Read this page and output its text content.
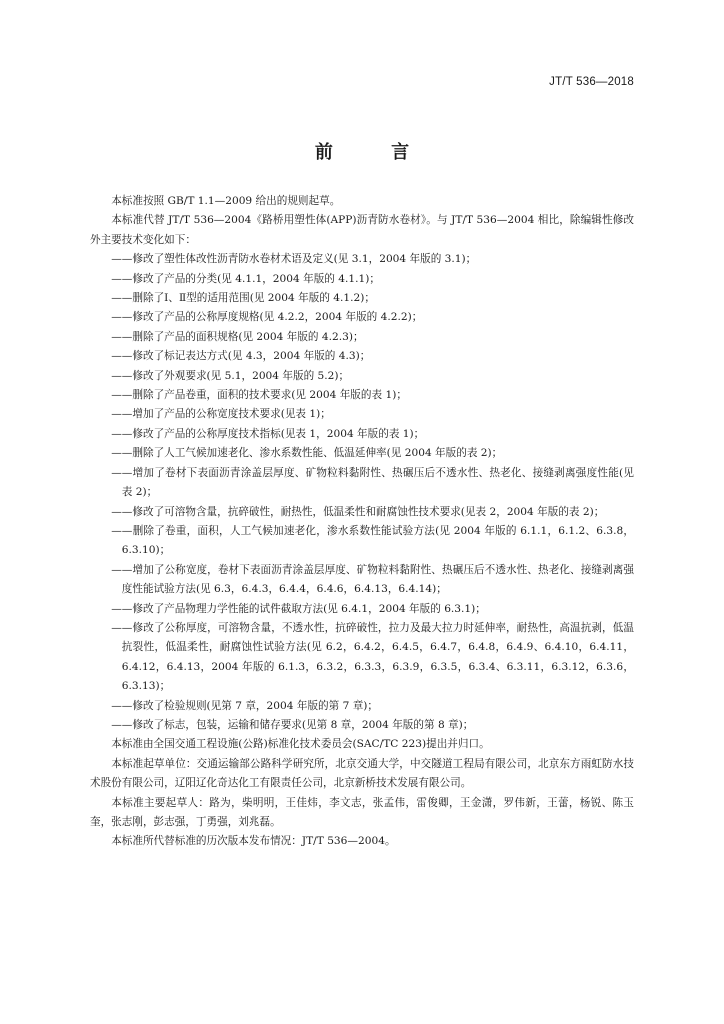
JT/T 536—2018
前 言

本标准按照 GB/T 1.1—2009 给出的规则起草。

本标准代替 JT/T 536—2004《路桥用塑性体(APP)沥青防水卷材》。与 JT/T 536—2004 相比，除编辑性修改外主要技术变化如下：

——修改了塑性体改性沥青防水卷材术语及定义(见 3.1，2004 年版的 3.1)；

——修改了产品的分类(见 4.1.1，2004 年版的 4.1.1)；

——删除了Ⅰ、Ⅱ型的适用范围(见 2004 年版的 4.1.2)；

——修改了产品的公称厚度规格(见 4.2.2，2004 年版的 4.2.2)；

——删除了产品的面积规格(见 2004 年版的 4.2.3)；

——修改了标记表达方式(见 4.3，2004 年版的 4.3)；

——修改了外观要求(见 5.1，2004 年版的 5.2)；

——删除了产品卷重，面积的技术要求(见 2004 年版的表 1)；

——增加了产品的公称宽度技术要求(见表 1)；

——修改了产品的公称厚度技术指标(见表 1，2004 年版的表 1)；

——删除了人工气候加速老化、渗水系数性能、低温延伸率(见 2004 年版的表 2)；

——增加了卷材下表面沥青涂盖层厚度、矿物粒料黏附性、热碾压后不透水性、热老化、接缝剥离强度性能(见表 2)；

——修改了可溶物含量，抗碎破性，耐热性，低温柔性和耐腐蚀性技术要求(见表 2，2004 年版的表 2)；

——删除了卷重，面积，人工气候加速老化，渗水系数性能试验方法(见 2004 年版的 6.1.1，6.1.2、6.3.8，6.3.10)；

——增加了公称宽度，卷材下表面沥青涂盖层厚度、矿物粒料黏附性、热碾压后不透水性、热老化、接缝剥离强度性能试验方法(见 6.3，6.4.3，6.4.4，6.4.6，6.4.13，6.4.14)；

——修改了产品物理力学性能的试件截取方法(见 6.4.1，2004 年版的 6.3.1)；

——修改了公称厚度，可溶物含量，不透水性，抗碎破性，拉力及最大拉力时延伸率，耐热性，高温抗剥，低温抗裂性，低温柔性，耐腐蚀性试验方法(见 6.2，6.4.2，6.4.5，6.4.7，6.4.8，6.4.9、6.4.10，6.4.11，6.4.12，6.4.13，2004 年版的 6.1.3，6.3.2，6.3.3，6.3.9，6.3.5，6.3.4、6.3.11，6.3.12，6.3.6，6.3.13)；

——修改了检验规则(见第 7 章，2004 年版的第 7 章)；

——修改了标志，包装，运输和储存要求(见第 8 章，2004 年版的第 8 章)；

本标准由全国交通工程设施(公路)标准化技术委员会(SAC/TC 223)提出并归口。

本标准起草单位：交通运输部公路科学研究所，北京交通大学，中交隧道工程局有限公司，北京东方雨虹防水技术股份有限公司，辽阳辽化奇达化工有限责任公司，北京新桥技术发展有限公司。

本标准主要起草人：路为，柴明明，王佳炜，李文志，张孟伟，雷俊卿，王金潇，罗伟新，王蕾，杨锐、陈玉奎，张志刚，彭志强，丁勇强，刘兆磊。

本标准所代替标准的历次版本发布情况：JT/T 536—2004。
